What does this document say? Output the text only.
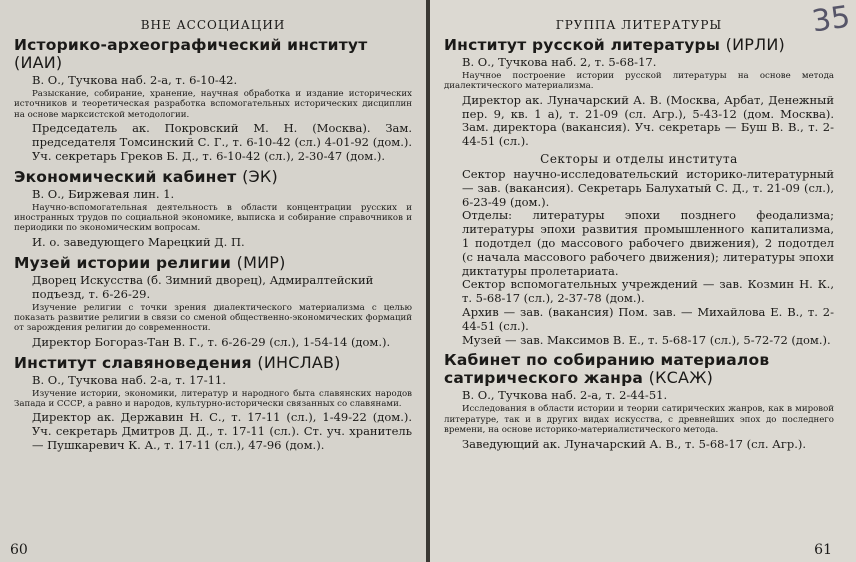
ВНЕ АССОЦИАЦИИ
Историко-археографический институт (ИАИ)
В. О., Тучкова наб. 2-а, т. 6-10-42.
Разыскание, собирание, хранение, научная обработка и издание исторических источников и теоретическая разработка вспомогательных исторических дисциплин на основе марксистской методологии.
Председатель ак. Покровский М. Н. (Москва). Зам. председателя Томсинский С. Г., т. 6-10-42 (сл.) 4-01-92 (дом.). Уч. секретарь Греков Б. Д., т. 6-10-42 (сл.), 2-30-47 (дом.).
Экономический кабинет (ЭК)
В. О., Биржевая лин. 1.
Научно-вспомогательная деятельность в области концентрации русских и иностранных трудов по социальной экономике, выписка и собирание справочников и периодики по экономическим вопросам.
И. о. заведующего Марецкий Д. П.
Музей истории религии (МИР)
Дворец Искусства (б. Зимний дворец), Адмиралтейский подъезд, т. 6-26-29.
Изучение религии с точки зрения диалектического материализма с целью показать развитие религии в связи со сменой общественно-экономических формаций от зарождения религии до современности.
Директор Богораз-Тан В. Г., т. 6-26-29 (сл.), 1-54-14 (дом.).
Институт славяноведения (ИНСЛАВ)
В. О., Тучкова наб. 2-а, т. 17-11.
Изучение истории, экономики, литератур и народного быта славянских народов Запада и СССР, а равно и народов, культурно-исторически связанных со славянами.
Директор ак. Державин Н. С., т. 17-11 (сл.), 1-49-22 (дом.). Уч. секретарь Дмитров Д. Д., т. 17-11 (сл.). Ст. уч. хранитель — Пушкаревич К. А., т. 17-11 (сл.), 47-96 (дом.).
60
35
ГРУППА ЛИТЕРАТУРЫ
Институт русской литературы (ИРЛИ)
В. О., Тучкова наб. 2, т. 5-68-17.
Научное построение истории русской литературы на основе метода диалектического материализма.
Директор ак. Луначарский А. В. (Москва, Арбат, Денежный пер. 9, кв. 1 а), т. 21-09 (сл. Агр.), 5-43-12 (дом. Москва). Зам. директора (вакансия). Уч. секретарь — Буш В. В., т. 2-44-51 (сл.).
Секторы и отделы института
Сектор научно-исследовательский историко-литературный — зав. (вакансия). Секретарь Балухатый С. Д., т. 21-09 (сл.), 6-23-49 (дом.).
Отделы: литературы эпохи позднего феодализма; литературы эпохи развития промышленного капитализма, 1 подотдел (до массового рабочего движения), 2 подотдел (с начала массового рабочего движения); литературы эпохи диктатуры пролетариата.
Сектор вспомогательных учреждений — зав. Козмин Н. К., т. 5-68-17 (сл.), 2-37-78 (дом.).
Архив — зав. (вакансия) Пом. зав. — Михайлова Е. В., т. 2-44-51 (сл.).
Музей — зав. Максимов В. Е., т. 5-68-17 (сл.), 5-72-72 (дом.).
Кабинет по собиранию материалов сатирического жанра (КСАЖ)
В. О., Тучкова наб. 2-а, т. 2-44-51.
Исследования в области истории и теории сатирических жанров, как в мировой литературе, так и в других видах искусства, с древнейших эпох до последнего времени, на основе историко-материалистического метода.
Заведующий ак. Луначарский А. В., т. 5-68-17 (сл. Агр.).
61
